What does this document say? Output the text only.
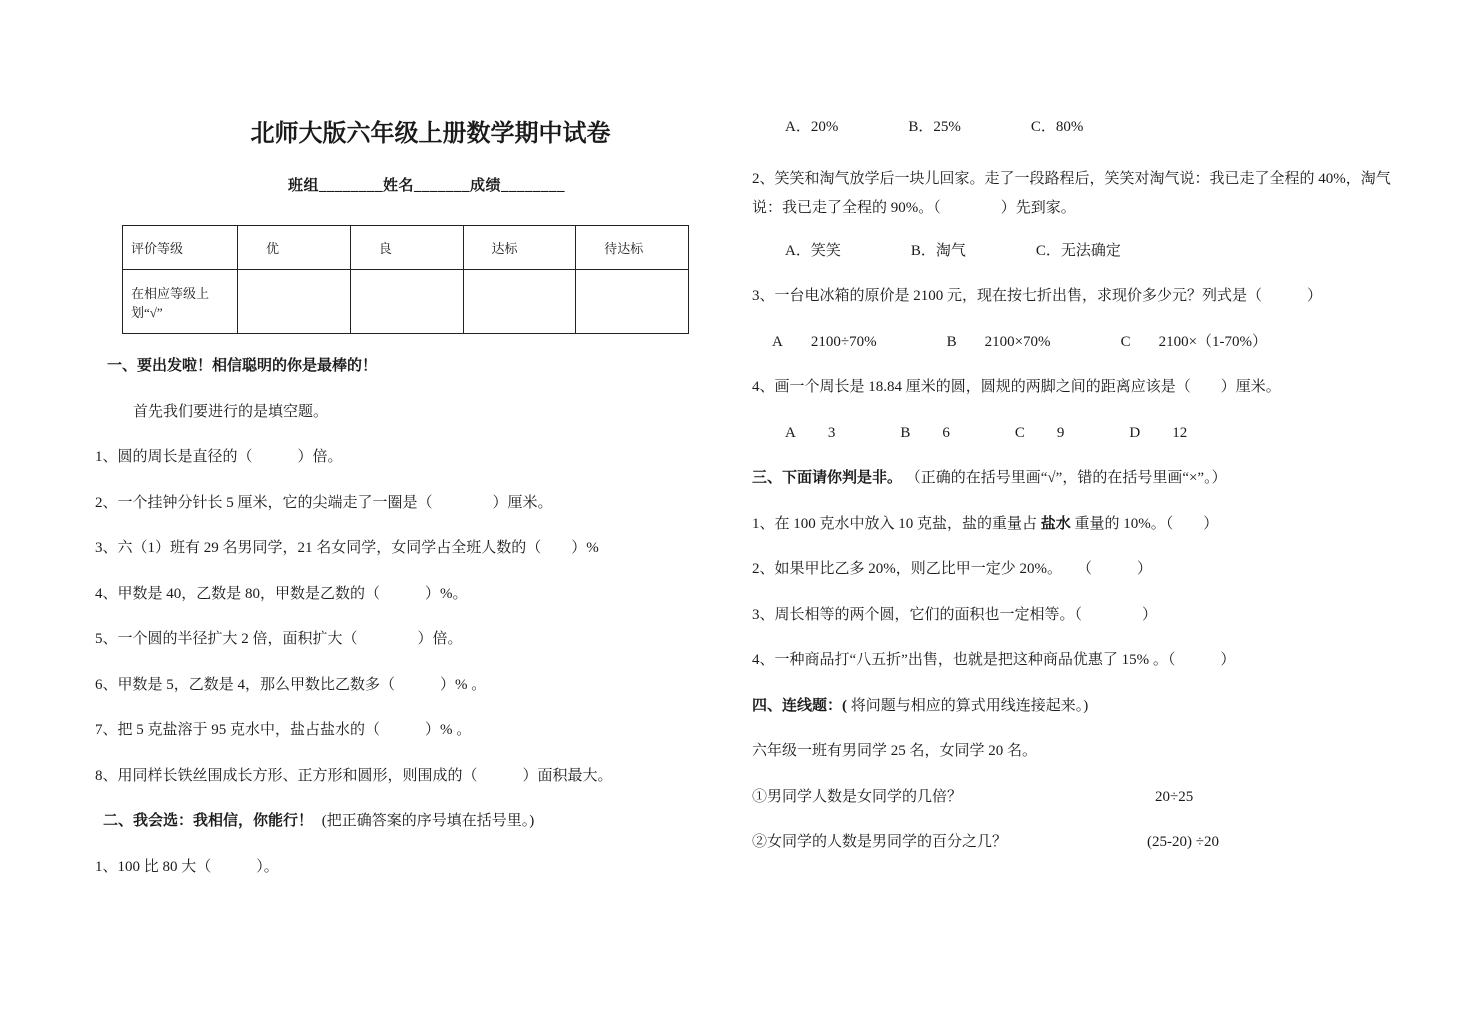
北师大版六年级上册数学期中试卷

班组________姓名_______成绩________

评价等级	优	良	达标	待达标
在相应等级上划“√”				

一、要出发啦！相信聪明的你是最棒的！

首先我们要进行的是填空题。

1、圆的周长是直径的（　　　）倍。

2、一个挂钟分针长 5 厘米，它的尖端走了一圈是（　　　　）厘米。

3、六（1）班有 29 名男同学，21 名女同学，女同学占全班人数的（　　）%

4、甲数是 40，乙数是 80，甲数是乙数的（　　　）%。

5、一个圆的半径扩大 2 倍，面积扩大（　　　　）倍。

6、甲数是 5，乙数是 4，那么甲数比乙数多（　　　）% 。

7、把 5 克盐溶于 95 克水中，盐占盐水的（　　　）% 。

8、用同样长铁丝围成长方形、正方形和圆形，则围成的（　　　）面积最大。

二、我会选：我相信，你能行！ (把正确答案的序号填在括号里。)

1、100 比 80 大（　　　）。

A．20%	B．25%	C．80%

2、笑笑和淘气放学后一块儿回家。走了一段路程后，笑笑对淘气说：我已走了全程的 40%，淘气说：我已走了全程的 90%。（　　　　）先到家。

A．笑笑	B．淘气	C．无法确定

3、一台电冰箱的原价是 2100 元，现在按七折出售，求现价多少元？列式是（　　　）

A 2100÷70%	B 2100×70%	C 2100×（1-70%）

4、画一个周长是 18.84 厘米的圆，圆规的两脚之间的距离应该是（　　）厘米。

A 3	B 6	C 9	D 12

三、下面请你判是非。 （正确的在括号里画“√”，错的在括号里画“×”。）

1、在 100 克水中放入 10 克盐，盐的重量占 盐水 重量的 10%。（　　）

2、如果甲比乙多 20%，则乙比甲一定少 20%。　　（　　　）

3、周长相等的两个圆，它们的面积也一定相等。（　　　　）

4、一种商品打“八五折”出售，也就是把这种商品优惠了 15% 。（　　　）

四、连线题：( 将问题与相应的算式用线连接起来。)

六年级一班有男同学 25 名，女同学 20 名。

①男同学人数是女同学的几倍？	20÷25
②女同学的人数是男同学的百分之几？	(25-20) ÷20
